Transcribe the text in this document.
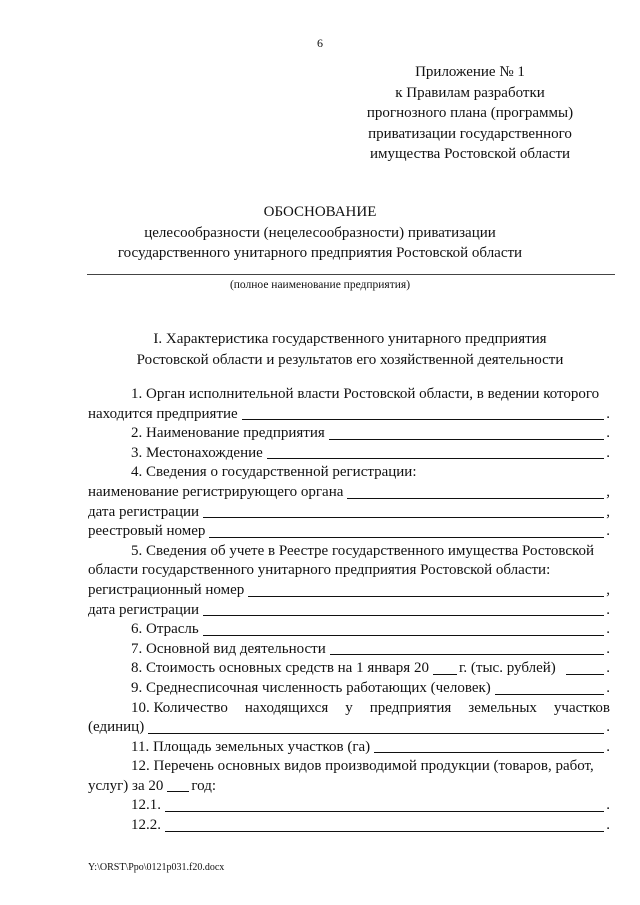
6
Приложение № 1
к Правилам разработки
прогнозного плана (программы)
приватизации государственного
имущества Ростовской области
ОБОСНОВАНИЕ
целесообразности (нецелесообразности) приватизации
государственного унитарного предприятия Ростовской области
(полное наименование предприятия)
I. Характеристика государственного унитарного предприятия
Ростовской области и результатов его хозяйственной деятельности
1. Орган исполнительной власти Ростовской области, в ведении которого
находится предприятие	.
2. Наименование предприятия	.
3. Местонахождение	.
4. Сведения о государственной регистрации:
наименование регистрирующего органа	,
дата регистрации	,
реестровый номер	.
5. Сведения об учете в Реестре государственного имущества Ростовской
области государственного унитарного предприятия Ростовской области:
регистрационный номер	,
дата регистрации	.
6. Отрасль	.
7. Основной вид деятельности	.
8. Стоимость основных средств на 1 января 20 г. (тыс. рублей)	.
9. Среднесписочная численность работающих (человек)	.
10. Количество находящихся у предприятия земельных участков
(единиц)	.
11. Площадь земельных участков (га)	.
12. Перечень основных видов производимой продукции (товаров, работ,
услуг) за 20 год:
12.1.	.
12.2.	.
Y:\ORST\Ppo\0121p031.f20.docx
